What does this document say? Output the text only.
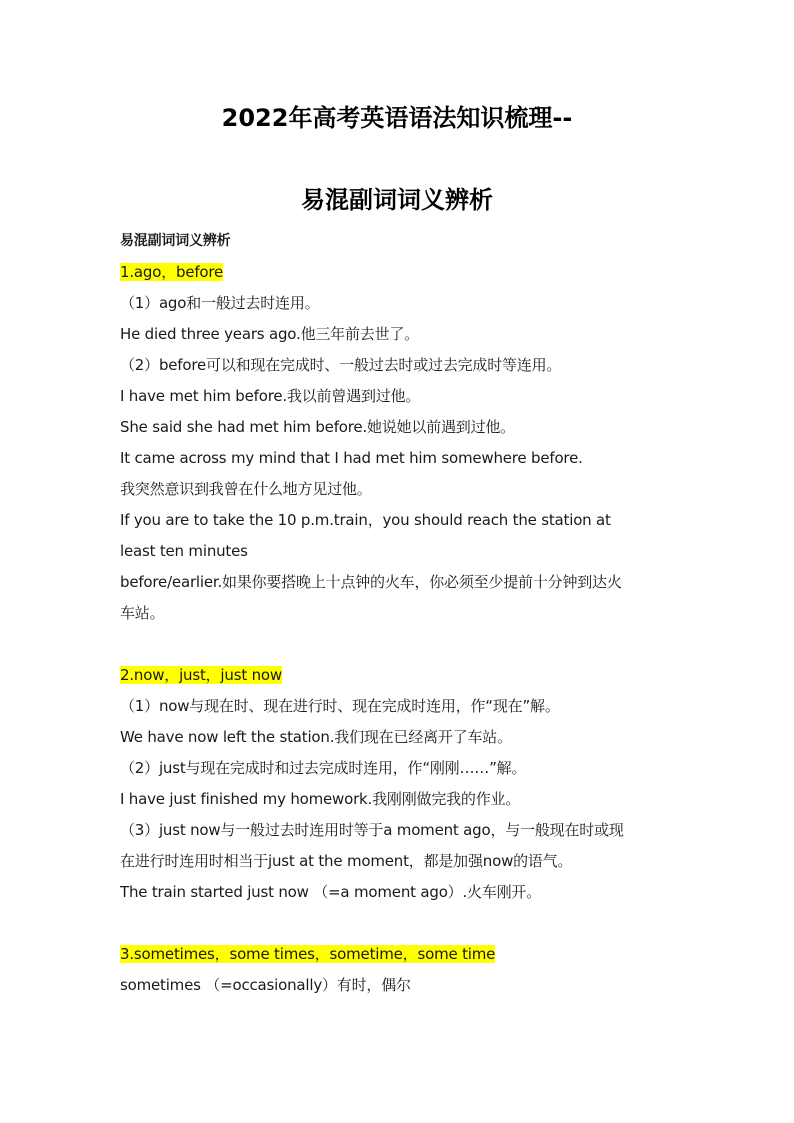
2022年高考英语语法知识梳理--
易混副词词义辨析

易混副词词义辨析

1.ago，before

（1）ago和一般过去时连用。

He died three years ago.他三年前去世了。

（2）before可以和现在完成时、一般过去时或过去完成时等连用。

I have met him before.我以前曾遇到过他。

She said she had met him before.她说她以前遇到过他。

It came across my mind that I had met him somewhere before.

我突然意识到我曾在什么地方见过他。

If you are to take the 10 p.m.train，you should reach the station at

least ten minutes

before/earlier.如果你要搭晚上十点钟的火车，你必须至少提前十分钟到达火

车站。

2.now，just，just now

（1）now与现在时、现在进行时、现在完成时连用，作“现在”解。

We have now left the station.我们现在已经离开了车站。

（2）just与现在完成时和过去完成时连用，作“刚刚……”解。

I have just finished my homework.我刚刚做完我的作业。

（3）just now与一般过去时连用时等于a moment ago，与一般现在时或现

在进行时连用时相当于just at the moment，都是加强now的语气。

The train started just now （=a moment ago）.火车刚开。

3.sometimes，some times，sometime，some time

sometimes （=occasionally）有时，偶尔
